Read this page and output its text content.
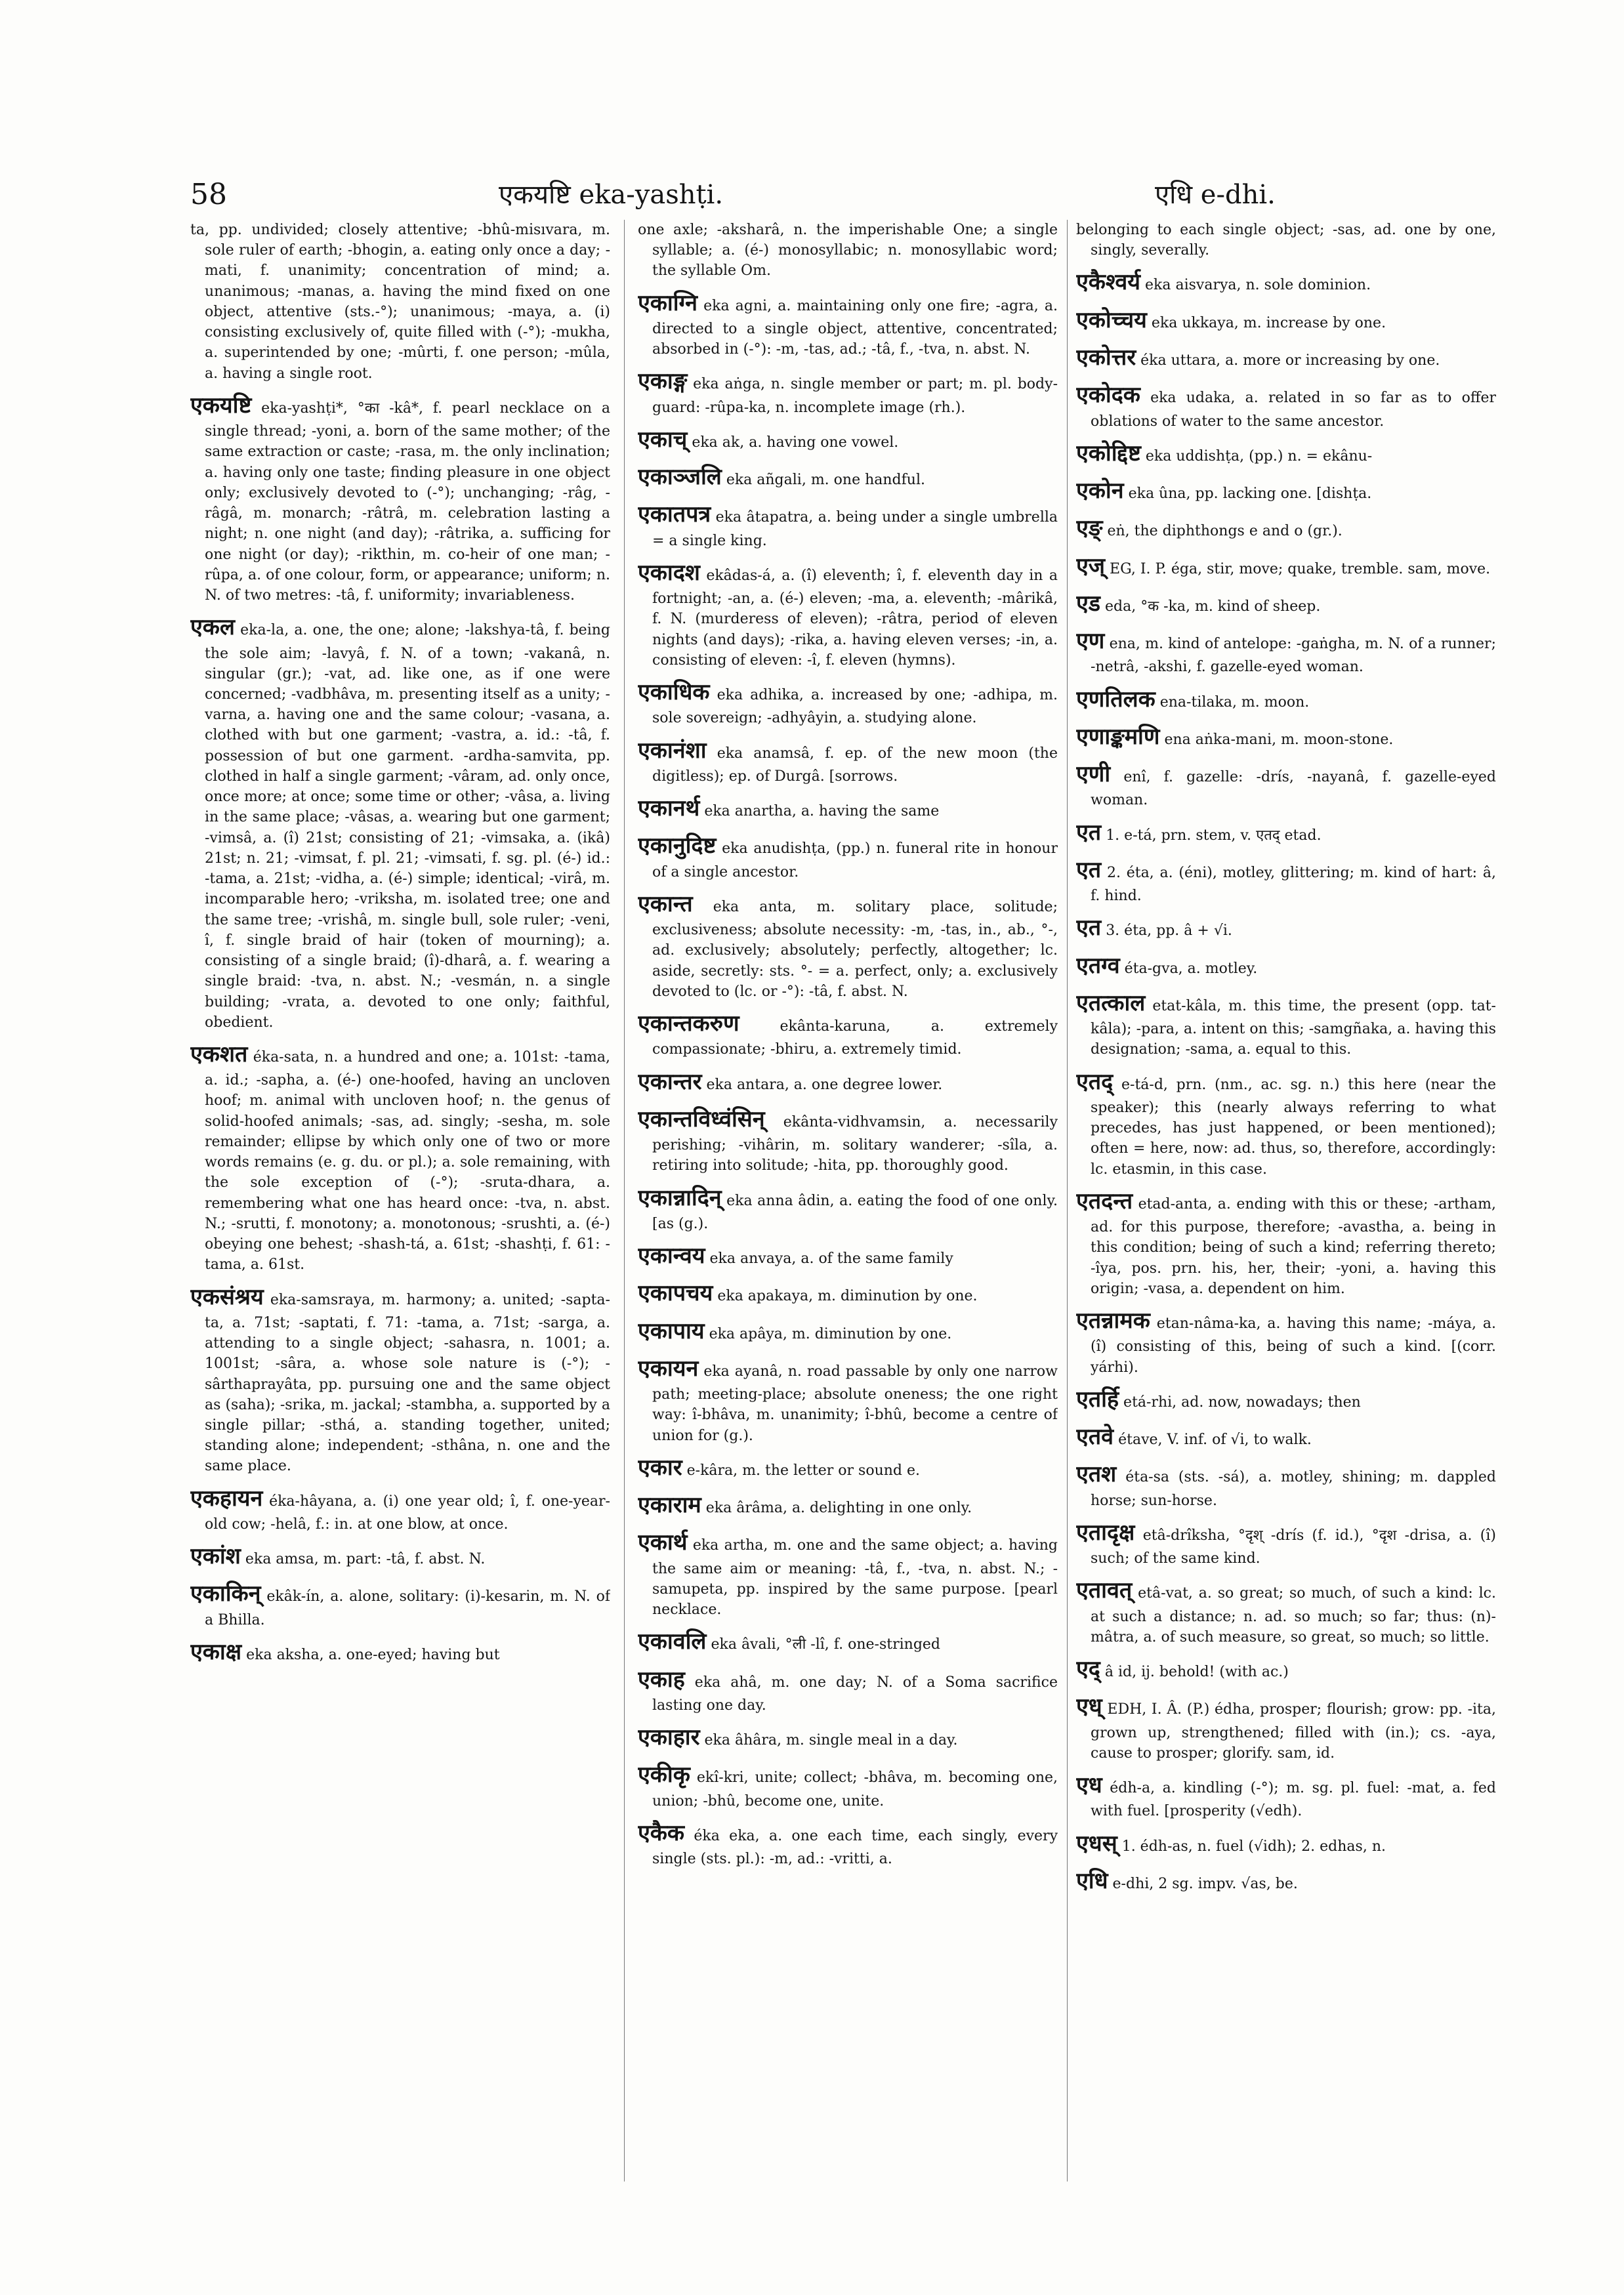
58	एकयष्टि eka-yashṭi.	एधि e-dhi.
ta, pp. undivided; closely attentive; -bhû-mi̇sıvara, m. sole ruler of earth; -bhogin, a. eating only once a day; -mati, f. unanimity; concentration of mind; a. unanimous; -manas, a. having the mind fixed on one object, attentive (sts.-°); unanimous; -maya, a. (i) consisting exclusively of, quite filled with (-°); -mukha, a. superintended by one; -mûrti, f. one person; -mûla, a. having a single root.
एकयष्टि eka-yashṭi*, °का -kâ*, f. pearl necklace on a single thread; -yoni, a. born of the same mother; of the same extraction or caste; -rasa, m. the only inclination; a. having only one taste; finding pleasure in one object only; exclusively devoted to (-°); unchanging; -râg, -râgâ, m. monarch; -râtrâ, m. celebration lasting a night; n. one night (and day); -râtrika, a. sufficing for one night (or day); -rikthin, m. co-heir of one man; -rûpa, a. of one colour, form, or appearance; uniform; n. N. of two metres: -tâ, f. uniformity; invariableness.
एकल eka-la, a. one, the one; alone; -lakshya-tâ, f. being the sole aim; -lavyâ, f. N. of a town; -vakanâ, n. singular (gr.); -vat, ad. like one, as if one were concerned; -vadbhâva, m. presenting itself as a unity; -varna, a. having one and the same colour; -vasana, a. clothed with but one garment; -vastra, a. id.: -tâ, f. possession of but one garment. -ardha-samvita, pp. clothed in half a single garment; -vâram, ad. only once, once more; at once; some time or other; -vâsa, a. living in the same place; -vâsas, a. wearing but one garment; -vimsâ, a. (î) 21st; consisting of 21; -vimsaka, a. (ikâ) 21st; n. 21; -vimsat, f. pl. 21; -vimsati, f. sg. pl. (é-) id.: -tama, a. 21st; -vidha, a. (é-) simple; identical; -virâ, m. incomparable hero; -vriksha, m. isolated tree; one and the same tree; -vrishâ, m. single bull, sole ruler; -veni, î, f. single braid of hair (token of mourning); a. consisting of a single braid; (î)-dharâ, a. f. wearing a single braid: -tva, n. abst. N.; -vesmán, n. a single building; -vrata, a. devoted to one only; faithful, obedient.
एकशत éka-sata, n. a hundred and one; a. 101st: -tama, a. id.; -sapha, a. (é-) one-hoofed, having an uncloven hoof; m. animal with uncloven hoof; n. the genus of solid-hoofed animals; -sas, ad. singly; -sesha, m. sole remainder; ellipse by which only one of two or more words remains (e. g. du. or pl.); a. sole remaining, with the sole exception of (-°); -sruta-dhara, a. remembering what one has heard once: -tva, n. abst. N.; -srutti, f. monotony; a. monotonous; -srushti, a. (é-) obeying one behest; -shash-tá, a. 61st; -shashṭi, f. 61: -tama, a. 61st.
एकसंश्रय eka-samsraya, m. harmony; a. united; -sapta-ta, a. 71st; -saptati, f. 71: -tama, a. 71st; -sarga, a. attending to a single object; -sahasra, n. 1001; a. 1001st; -sâra, a. whose sole nature is (-°); -sârthaprayâta, pp. pursuing one and the same object as (saha); -srika, m. jackal; -stambha, a. supported by a single pillar; -sthá, a. standing together, united; standing alone; independent; -sthâna, n. one and the same place.
एकहायन éka-hâyana, a. (i) one year old; î, f. one-year-old cow; -helâ, f.: in. at one blow, at once.
एकांश eka amsa, m. part: -tâ, f. abst. N.
एकाकिन् ekâk-ín, a. alone, solitary: (i)-kesarin, m. N. of a Bhilla.
एकाक्ष eka aksha, a. one-eyed; having but
one axle; -aksharâ, n. the imperishable One; a single syllable; a. (é-) monosyllabic; n. monosyllabic word; the syllable Om.
एकाग्नि eka agni, a. maintaining only one fire; -agra, a. directed to a single object, attentive, concentrated; absorbed in (-°): -m, -tas, ad.; -tâ, f., -tva, n. abst. N.
एकाङ्ग eka aṅga, n. single member or part; m. pl. body-guard: -rûpa-ka, n. incomplete image (rh.).
एकाच् eka ak, a. having one vowel.
एकाञ्जलि eka añgali, m. one handful.
एकातपत्र eka âtapatra, a. being under a single umbrella = a single king.
एकादश ekâdas-á, a. (î) eleventh; î, f. eleventh day in a fortnight; -an, a. (é-) eleven; -ma, a. eleventh; -mârikâ, f. N. (murderess of eleven); -râtra, period of eleven nights (and days); -rika, a. having eleven verses; -in, a. consisting of eleven: -î, f. eleven (hymns).
एकाधिक eka adhika, a. increased by one; -adhipa, m. sole sovereign; -adhyâyin, a. studying alone.
एकानंशा eka anamsâ, f. ep. of the new moon (the digitless); ep. of Durgâ. [sorrows.
एकानर्थ eka anartha, a. having the same
एकानुदिष्ट eka anudishṭa, (pp.) n. funeral rite in honour of a single ancestor.
एकान्त eka anta, m. solitary place, solitude; exclusiveness; absolute necessity: -m, -tas, in., ab., °-, ad. exclusively; absolutely; perfectly, altogether; lc. aside, secretly: sts. °- = a. perfect, only; a. exclusively devoted to (lc. or -°): -tâ, f. abst. N.
एकान्तकरुण	ekânta-karuna, a. extremely compassionate; -bhiru, a. extremely timid.
एकान्तर eka antara, a. one degree lower.
एकान्तविध्वंसिन् ekânta-vidhvamsin, a. necessarily perishing; -vihârin, m. solitary wanderer; -sîla, a. retiring into solitude; -hita, pp. thoroughly good.
एकान्नादिन् eka anna âdin, a. eating the food of one only. [as (g.).
एकान्वय eka anvaya, a. of the same family
एकापचय eka apakaya, m. diminution by one.
एकापाय eka apâya, m. diminution by one.
एकायन eka ayanâ, n. road passable by only one narrow path; meeting-place; absolute oneness; the one right way: î-bhâva, m. unanimity; î-bhû, become a centre of union for (g.).
एकार e-kâra, m. the letter or sound e.
एकाराम eka ârâma, a. delighting in one only.
एकार्थ eka artha, m. one and the same object; a. having the same aim or meaning: -tâ, f., -tva, n. abst. N.; -samupeta, pp. inspired by the same purpose. [pearl necklace.
एकावलि eka âvali, °ली -lî, f. one-stringed
एकाह eka ahâ, m. one day; N. of a Soma sacrifice lasting one day.
एकाहार eka âhâra, m. single meal in a day.
एकीकृ ekî-kri, unite; collect; -bhâva, m. becoming one, union; -bhû, become one, unite.
एकैक éka eka, a. one each time, each singly, every single (sts. pl.): -m, ad.: -vritti, a.
belonging to each single object; -sas, ad. one by one, singly, severally.
एकैश्वर्य eka aisvarya, n. sole dominion.
एकोच्चय eka ukkaya, m. increase by one.
एकोत्तर éka uttara, a. more or increasing by one.
एकोदक eka udaka, a. related in so far as to offer oblations of water to the same ancestor.
एकोद्दिष्ट eka uddishṭa, (pp.) n. = ekânu-
एकोन eka ûna, pp. lacking one. [dishṭa.
एङ् eṅ, the diphthongs e and o (gr.).
एज् EG, I. P. éga, stir, move; quake, tremble. sam, move.
एड eda, °क -ka, m. kind of sheep.
एण ena, m. kind of antelope: -gaṅgha, m. N. of a runner; -netrâ, -akshi, f. gazelle-eyed woman.
एणतिलक ena-tilaka, m. moon.
एणाङ्कमणि ena aṅka-mani, m. moon-stone.
एणी enî, f. gazelle: -drís, -nayanâ, f. gazelle-eyed woman.
एत 1. e-tá, prn. stem, v. एतद् etad.
एत 2. éta, a. (éni), motley, glittering; m. kind of hart: â, f. hind.
एत 3. éta, pp. â + √i.
एतग्व éta-gva, a. motley.
एतत्काल etat-kâla, m. this time, the present (opp. tat-kâla); -para, a. intent on this; -samgñaka, a. having this designation; -sama, a. equal to this.
एतद् e-tá-d, prn. (nm., ac. sg. n.) this here (near the speaker); this (nearly always referring to what precedes, has just happened, or been mentioned); often = here, now: ad. thus, so, therefore, accordingly: lc. etasmin, in this case.
एतदन्त etad-anta, a. ending with this or these; -artham, ad. for this purpose, therefore; -avastha, a. being in this condition; being of such a kind; referring thereto; -îya, pos. prn. his, her, their; -yoni, a. having this origin; -vasa, a. dependent on him.
एतन्नामक etan-nâma-ka, a. having this name; -máya, a. (î) consisting of this, being of such a kind. [(corr. yárhi).
एतर्हि etá-rhi, ad. now, nowadays; then
एतवे étave, V. inf. of √i, to walk.
एतश éta-sa (sts. -sá), a. motley, shining; m. dappled horse; sun-horse.
एतादृक्ष etâ-drîksha, °दृश् -drís (f. id.), °दृश -drisa, a. (î) such; of the same kind.
एतावत् etâ-vat, a. so great; so much, of such a kind: lc. at such a distance; n. ad. so much; so far; thus: (n)-mâtra, a. of such measure, so great, so much; so little.
एद् â id, ij. behold! (with ac.)
एध् EDH, I. Â. (P.) édha, prosper; flourish; grow: pp. -ita, grown up, strengthened; filled with (in.); cs. -aya, cause to prosper; glorify. sam, id.
एध édh-a, a. kindling (-°); m. sg. pl. fuel: -mat, a. fed with fuel. [prosperity (√edh).
एधस् 1. édh-as, n. fuel (√idh); 2. edhas, n.
एधि e-dhi, 2 sg. impv. √as, be.
